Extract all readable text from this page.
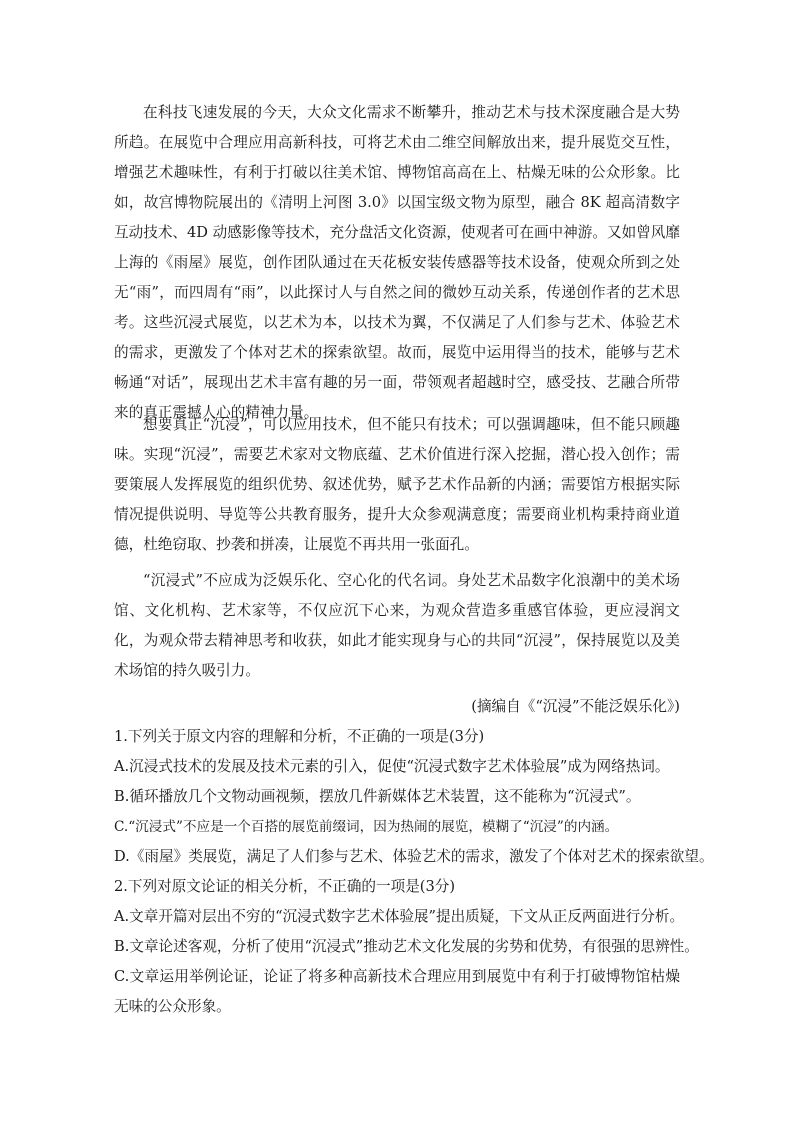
在科技飞速发展的今天，大众文化需求不断攀升，推动艺术与技术深度融合是大势所趋。在展览中合理应用高新科技，可将艺术由二维空间解放出来，提升展览交互性，增强艺术趣味性，有利于打破以往美术馆、博物馆高高在上、枯燥无味的公众形象。比如，故宫博物院展出的《清明上河图 3.0》以国宝级文物为原型，融合 8K 超高清数字互动技术、4D 动感影像等技术，充分盘活文化资源，使观者可在画中神游。又如曾风靡上海的《雨屋》展览，创作团队通过在天花板安装传感器等技术设备，使观众所到之处无“雨”，而四周有“雨”，以此探讨人与自然之间的微妙互动关系，传递创作者的艺术思考。这些沉浸式展览，以艺术为本，以技术为翼，不仅满足了人们参与艺术、体验艺术的需求，更激发了个体对艺术的探索欲望。故而，展览中运用得当的技术，能够与艺术畅通“对话”，展现出艺术丰富有趣的另一面，带领观者超越时空，感受技、艺融合所带来的真正震撼人心的精神力量。

想要真正“沉浸”，可以应用技术，但不能只有技术；可以强调趣味，但不能只顾趣味。实现“沉浸”，需要艺术家对文物底蕴、艺术价值进行深入挖掘，潜心投入创作；需要策展人发挥展览的组织优势、叙述优势，赋予艺术作品新的内涵；需要馆方根据实际情况提供说明、导览等公共教育服务，提升大众参观满意度；需要商业机构秉持商业道德，杜绝窃取、抄袭和拼凑，让展览不再共用一张面孔。

“沉浸式”不应成为泛娱乐化、空心化的代名词。身处艺术品数字化浪潮中的美术场馆、文化机构、艺术家等，不仅应沉下心来，为观众营造多重感官体验，更应浸润文化，为观众带去精神思考和收获，如此才能实现身与心的共同“沉浸”，保持展览以及美术场馆的持久吸引力。

(摘编自《“沉浸”不能泛娱乐化》)

1.下列关于原文内容的理解和分析，不正确的一项是(3分)

A.沉浸式技术的发展及技术元素的引入，促使“沉浸式数字艺术体验展”成为网络热词。

B.循环播放几个文物动画视频，摆放几件新媒体艺术装置，这不能称为“沉浸式”。

C.“沉浸式”不应是一个百搭的展览前缀词，因为热闹的展览，模糊了“沉浸”的内涵。

D.《雨屋》类展览，满足了人们参与艺术、体验艺术的需求，激发了个体对艺术的探索欲望。

2.下列对原文论证的相关分析，不正确的一项是(3分)

A.文章开篇对层出不穷的“沉浸式数字艺术体验展”提出质疑，下文从正反两面进行分析。

B.文章论述客观，分析了使用“沉浸式”推动艺术文化发展的劣势和优势，有很强的思辨性。

C.文章运用举例论证，论证了将多种高新技术合理应用到展览中有利于打破博物馆枯燥无味的公众形象。
